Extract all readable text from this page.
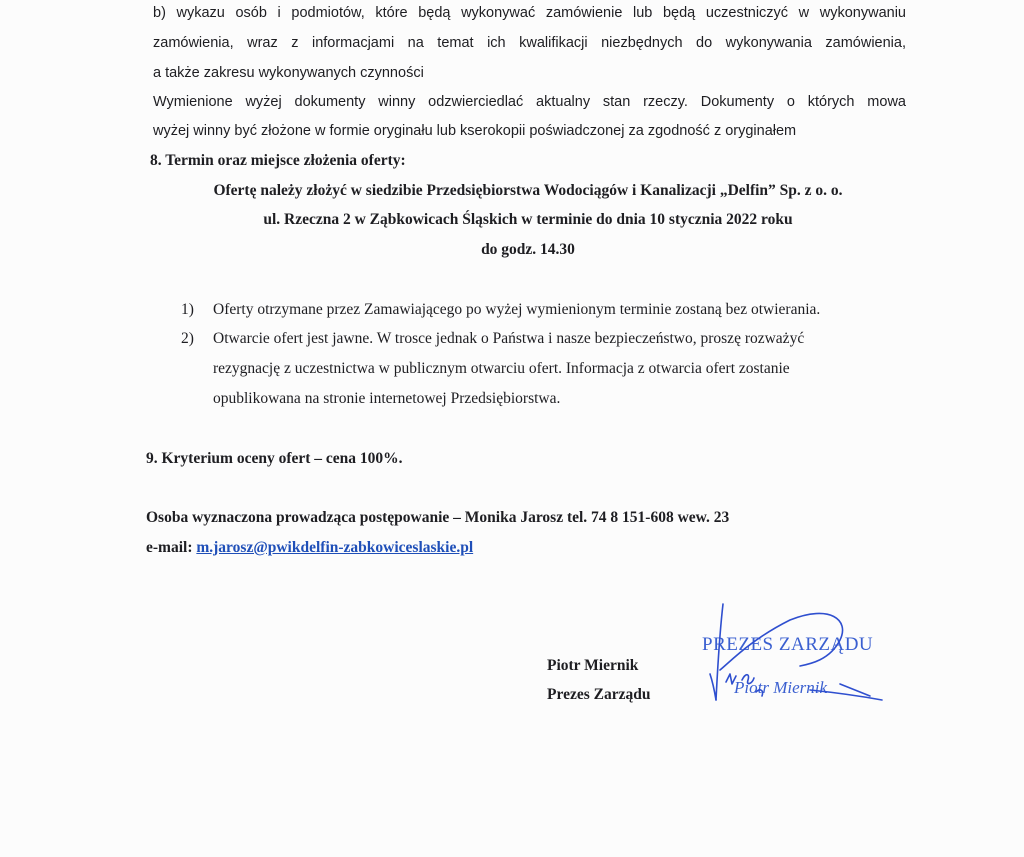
b) wykazu osób i podmiotów, które będą wykonywać zamówienie lub będą uczestniczyć w wykonywaniu
zamówienia, wraz z informacjami na temat ich kwalifikacji niezbędnych do wykonywania zamówienia,
a także zakresu wykonywanych czynności
Wymienione wyżej dokumenty winny odzwierciedlać aktualny stan rzeczy. Dokumenty o których mowa
wyżej winny być złożone w formie oryginału lub kserokopii poświadczonej za zgodność z oryginałem
8. Termin oraz miejsce złożenia oferty:
Ofertę należy złożyć w siedzibie Przedsiębiorstwa Wodociągów i Kanalizacji „Delfin” Sp. z o. o.
ul. Rzeczna 2 w Ząbkowicach Śląskich w terminie do dnia 10 stycznia 2022 roku
do godz. 14.30
1) Oferty otrzymane przez Zamawiającego po wyżej wymienionym terminie zostaną bez otwierania.
2) Otwarcie ofert jest jawne. W trosce jednak o Państwa i nasze bezpieczeństwo, proszę rozważyć
rezygnację z uczestnictwa w publicznym otwarciu ofert. Informacja z otwarcia ofert zostanie
opublikowana na stronie internetowej Przedsiębiorstwa.
9. Kryterium oceny ofert – cena 100%.
Osoba wyznaczona prowadząca postępowanie – Monika Jarosz tel. 74 8 151-608 wew. 23
e-mail: m.jarosz@pwikdelfin-zabkowiceslaskie.pl
Piotr Miernik
Prezes Zarządu
PREZES ZARZĄDU
Piotr Miernik
